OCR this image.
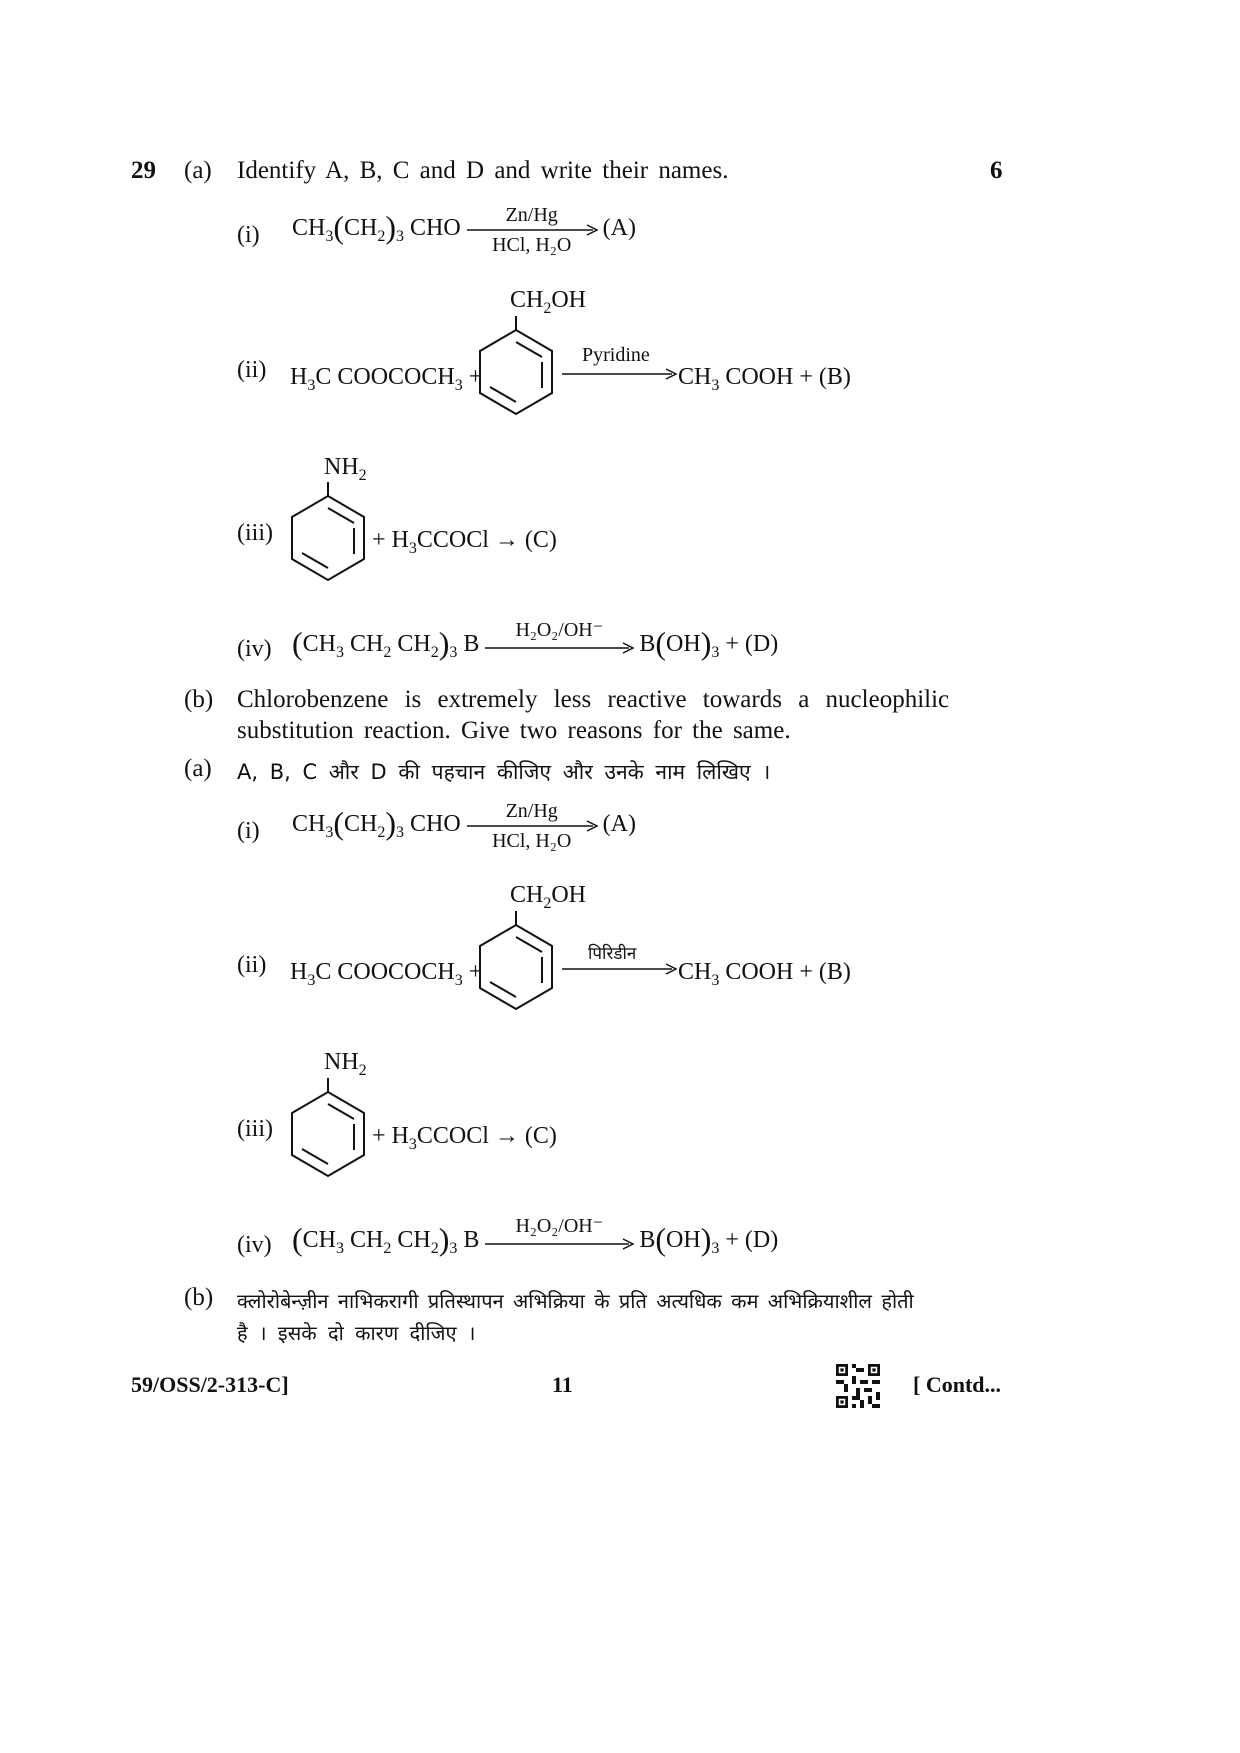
29 (a) Identify A, B, C and D and write their names.	6
(i) $CH_3(CH_2)_3$ CHO	Zn/Hg
HCl, H₂O
(A)
$CH_2OH$
(ii) $H_3C$ $COOCOCH_3$ +
Pyridine
$CH_3$ COOH + (B)
$NH_2$
(iii)	+ $H_3CCOCl \to (C)$
(iv) ($CH_3$ $CH_2$ $CH_2)_3$ B
H₂O₂/OH⁻
$B(OH)_3 + (D)$
(b) Chlorobenzene is extremely less reactive towards a nucleophilic
substitution reaction. Give two reasons for the same.
(a) A, B, C और D की पहचान कीजिए और उनके नाम लिखिए ।
(i) $CH_3(CH_2)_3$ CHO	Zn/Hg
HCl, H₂O
(A)
$CH_2OH$
(ii) $H_3C$ $COOCOCH_3$ +
पिरिडीन
$CH_3$ COOH + (B)
$NH_2$
(iii)	+ $H_3CCOCl \to (C)$
(iv) ($CH_3$ $CH_2$ $CH_2)_3$ B
H₂O₂/OH⁻
$B(OH)_3 + (D)$
(b) क्लोरोबेन्ज़ीन नाभिकरागी प्रतिस्थापन अभिक्रिया के प्रति अत्यधिक कम अभिक्रियाशील होती
है । इसके दो कारण दीजिए ।
59/OSS/2-313-C]	11	[ Contd...
